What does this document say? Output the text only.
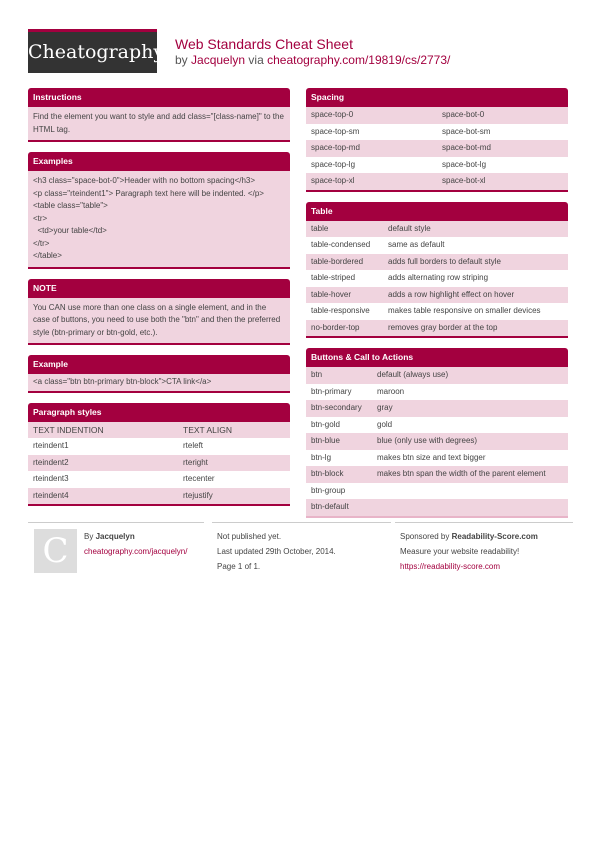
Cheatography Web Standards Cheat Sheet
by Jacquelyn via cheatography.com/19819/cs/2773/
Instructions
Find the element you want to style and add class="[class-name]" to the HTML tag.
Examples
<h3 class="space-bot-0">Header with no bottom spacing</h3>
<p class="rteindent1"> Paragraph text here will be indented. </p>
<table class="table">
<tr>
<td>your table</td>
</tr>
</table>
NOTE
You CAN use more than one class on a single element, and in the case of buttons, you need to use both the "btn" and then the preferred style (btn-primary or btn-gold, etc.).
Example
<a class="btn btn-primary btn-block">CTA link</a>
Paragraph styles
TEXT INDENTION	TEXT ALIGN
rteindent1	rteleft
rteindent2	rteright
rteindent3	rtecenter
rteindent4	rtejustify
Spacing
space-top-0	space-bot-0
space-top-sm	space-bot-sm
space-top-md	space-bot-md
space-top-lg	space-bot-lg
space-top-xl	space-bot-xl
Table
table	default style
table-condensed	same as default
table-bordered	adds full borders to default style
table-striped	adds alternating row striping
table-hover	adds a row highlight effect on hover
table-responsive	makes table responsive on smaller devices
no-border-top	removes gray border at the top
Buttons & Call to Actions
btn	default (always use)
btn-primary	maroon
btn-secondary	gray
btn-gold	gold
btn-blue	blue (only use with degrees)
btn-lg	makes btn size and text bigger
btn-block	makes btn span the width of the parent element
btn-group
btn-default
C	By Jacquelyn
cheatography.com/jacquelyn/
Not published yet.
Last updated 29th October, 2014.
Page 1 of 1.
Sponsored by Readability-Score.com
Measure your website readability!
https://readability-score.com
